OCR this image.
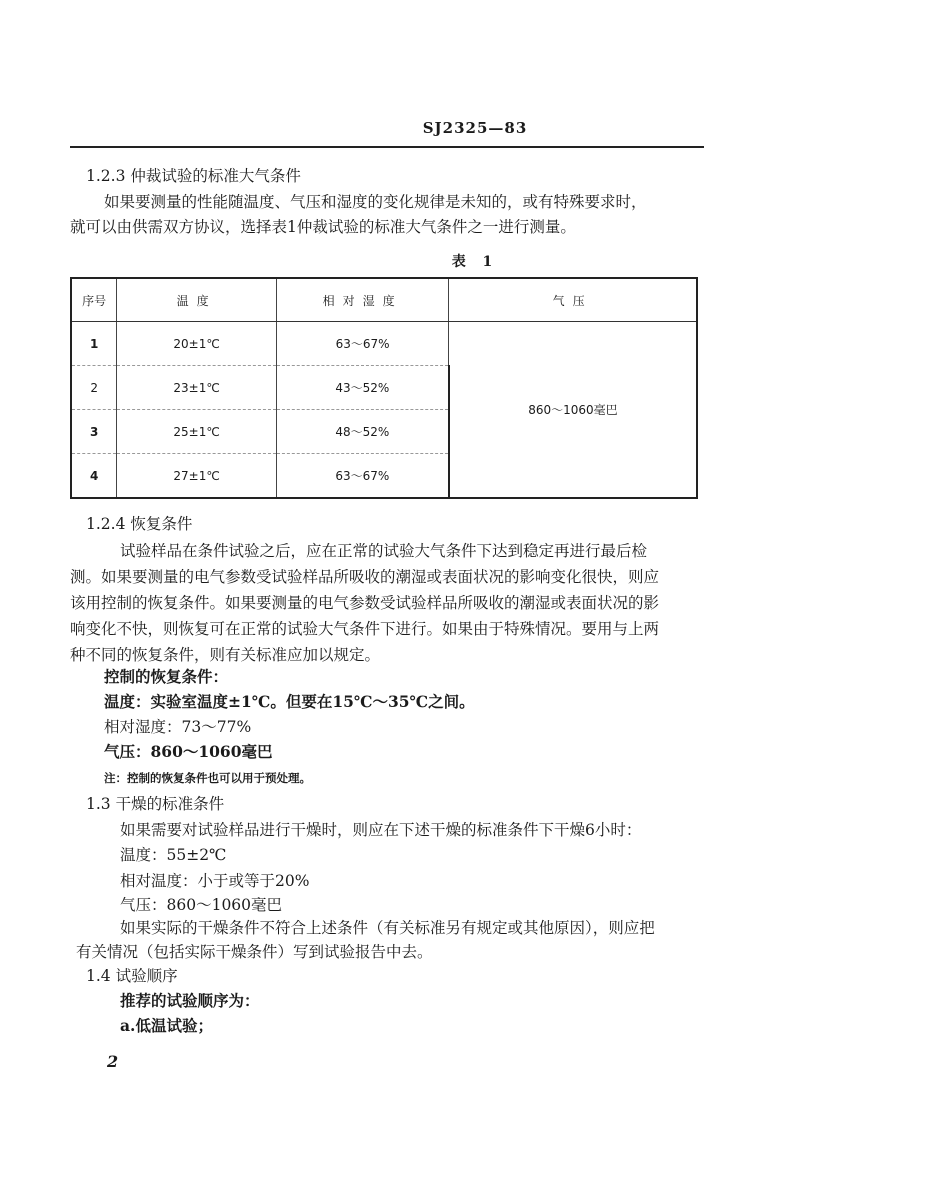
SJ2325—83
1.2.3 仲裁试验的标准大气条件
如果要测量的性能随温度、气压和湿度的变化规律是未知的，或有特殊要求时，
就可以由供需双方协议，选择表1仲裁试验的标准大气条件之一进行测量。
表 1
序号	温度	相对湿度	气压
1	20±1℃	63～67%	860～1060毫巴
2	23±1℃	43～52%	
3	25±1℃	48～52%	
4	27±1℃	63～67%	
1.2.4 恢复条件
试验样品在条件试验之后，应在正常的试验大气条件下达到稳定再进行最后检
测。如果要测量的电气参数受试验样品所吸收的潮湿或表面状况的影响变化很快，则应
该用控制的恢复条件。如果要测量的电气参数受试验样品所吸收的潮湿或表面状况的影
响变化不快，则恢复可在正常的试验大气条件下进行。如果由于特殊情况。要用与上两
种不同的恢复条件，则有关标准应加以规定。
控制的恢复条件：
温度：实验室温度±1℃。但要在15℃～35℃之间。
相对湿度：73～77%
气压：860～1060毫巴
注：控制的恢复条件也可以用于预处理。
1.3 干燥的标准条件
如果需要对试验样品进行干燥时，则应在下述干燥的标准条件下干燥6小时：
温度：55±2℃
相对温度：小于或等于20%
气压：860～1060毫巴
如果实际的干燥条件不符合上述条件（有关标准另有规定或其他原因），则应把
有关情况（包括实际干燥条件）写到试验报告中去。
1.4 试验顺序
推荐的试验顺序为：
a.低温试验；
2
